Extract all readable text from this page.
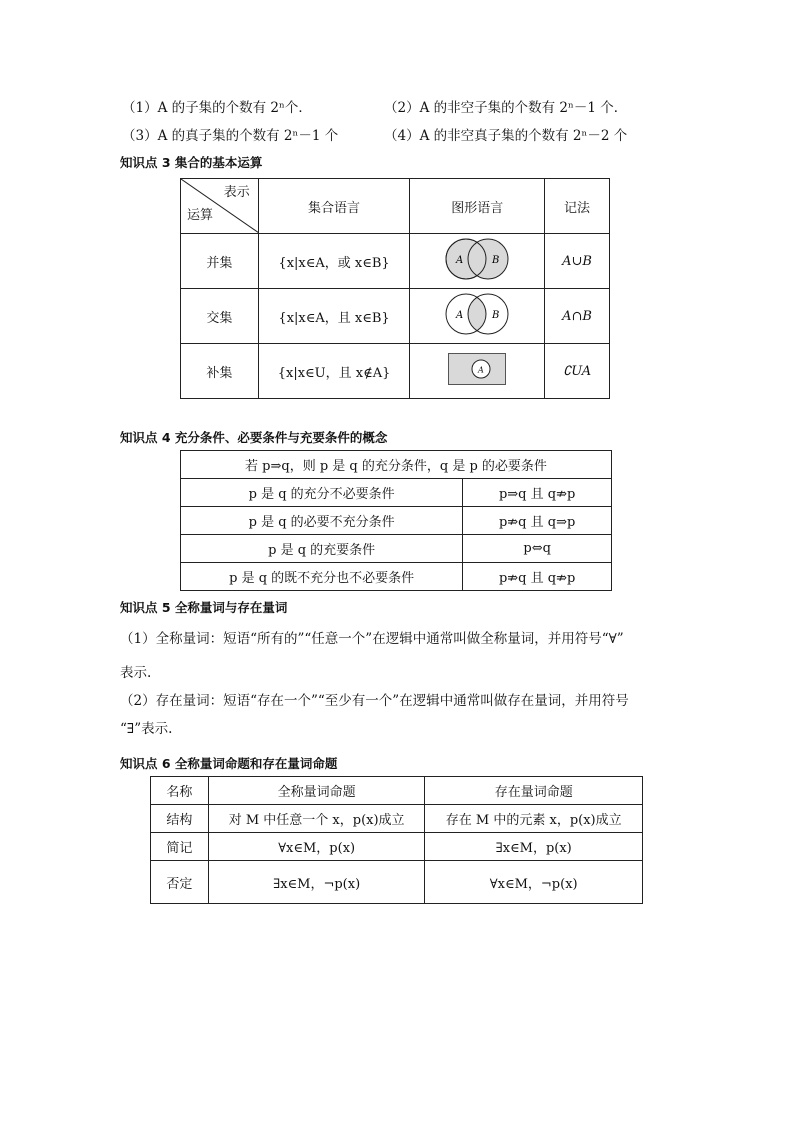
（1）A 的子集的个数有 2ⁿ个．	（2）A 的非空子集的个数有 2ⁿ－1 个．
（3）A 的真子集的个数有 2ⁿ－1 个	（4）A 的非空真子集的个数有 2ⁿ－2 个
知识点 3 集合的基本运算
表示
运算	集合语言	图形语言	记法
并集	{x|x∈A，或 x∈B}	A B	A∪B
交集	{x|x∈A，且 x∈B}	A B	A∩B
补集	{x|x∈U，且 x∉A}	A	∁UA
知识点 4 充分条件、必要条件与充要条件的概念
若 p⇒q，则 p 是 q 的充分条件，q 是 p 的必要条件	
p 是 q 的充分不必要条件	p⇒q 且 q⇏p
p 是 q 的必要不充分条件	p⇏q 且 q⇒p
p 是 q 的充要条件	p⇔q
p 是 q 的既不充分也不必要条件	p⇏q 且 q⇏p
知识点 5 全称量词与存在量词
（1）全称量词：短语“所有的”“任意一个”在逻辑中通常叫做全称量词，并用符号“∀”
表示.
（2）存在量词：短语“存在一个”“至少有一个”在逻辑中通常叫做存在量词，并用符号
“∃”表示.
知识点 6 全称量词命题和存在量词命题
名称	全称量词命题	存在量词命题
结构	对 M 中任意一个 x，p(x)成立	存在 M 中的元素 x，p(x)成立
简记	∀x∈M，p(x)	∃x∈M，p(x)
否定	∃x∈M，¬p(x)	∀x∈M，¬p(x)
